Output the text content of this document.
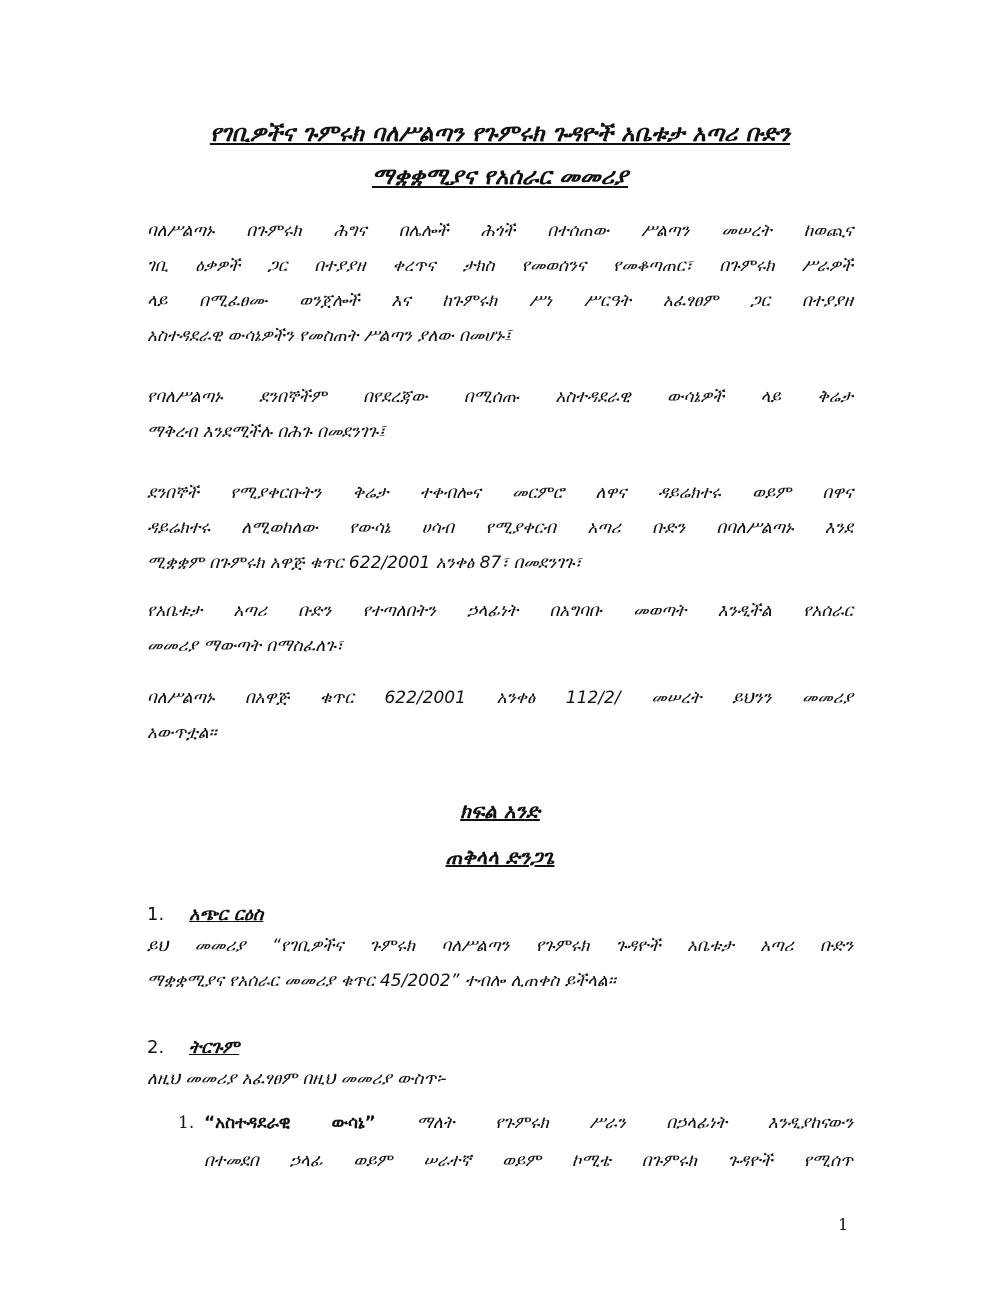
የገቢዎችና ጉምሩክ ባለሥልጣን የጉምሩክ ጉዳዮች አቤቱታ አጣሪ ቡድን
ማቋቋሚያና የአሰራር መመሪያ
ባለሥልጣኑ በጉምሩክ ሕግና በሌሎች ሕጎች በተሰጠው ሥልጣን መሠረት ከወጪና
ገቢ ዕቃዎች ጋር በተያያዘ ቀረጥና ታክስ የመወሰንና የመቆጣጠር፣ በጉምሩክ ሥራዎች
ላይ በሚፈፀሙ ወንጀሎች እና ከጉምሩክ ሥነ ሥርዓት አፈፃፀም ጋር በተያያዘ
አስተዳደራዊ ውሳኔዎችን የመስጠት ሥልጣን ያለው በመሆኑ፤
የባለሥልጣኑ ደንበኞችም በየደረጃው በሚሰጡ አስተዳደራዊ ውሳኔዎች ላይ ቅሬታ
ማቅረብ እንደሚችሉ በሕጉ በመደንገጉ፤
ደንበኞች የሚያቀርቡትን ቅሬታ ተቀብሎና መርምሮ ለዋና ዳይሬክተሩ ወይም በዋና
ዳይሬክተሩ ለሚወከለው የውሳኔ ሀሳብ የሚያቀርብ አጣሪ ቡድን በባለሥልጣኑ እንደ
ሚቋቋም በጉምሩክ አዋጅ ቁጥር 622/2001 አንቀፅ 87፣ በመደንገጉ፣
የአቤቱታ አጣሪ ቡድን የተጣለበትን ኃላፊነት በአግባቡ መወጣት እንዲችል የአሰራር
መመሪያ ማውጣት በማስፈለጉ፣
ባለሥልጣኑ በአዋጅ ቁጥር 622/2001 አንቀፅ 112/2/ መሠረት ይህንን መመሪያ
አውጥቷል።
ክፍል አንድ
ጠቅላላ ድንጋጌ
1. አጭር ርዕስ
ይህ መመሪያ “የገቢዎችና ጉምሩክ ባለሥልጣን የጉምሩክ ጉዳዮች አቤቱታ አጣሪ ቡድን
ማቋቋሚያና የአሰራር መመሪያ ቁጥር 45/2002” ተብሎ ሊጠቀስ ይችላል።
2. ትርጉም
ለዚህ መመሪያ አፈፃፀም በዚህ መመሪያ ውስጥ፡-
1. “አስተዳደራዊ ውሳኔ” ማለት የጉምሩክ ሥራን በኃላፊነት እንዲያከናውን
በተመደበ ኃላፊ ወይም ሠራተኛ ወይም ኮሚቴ በጉምሩክ ጉዳዮች የሚሰጥ
1
